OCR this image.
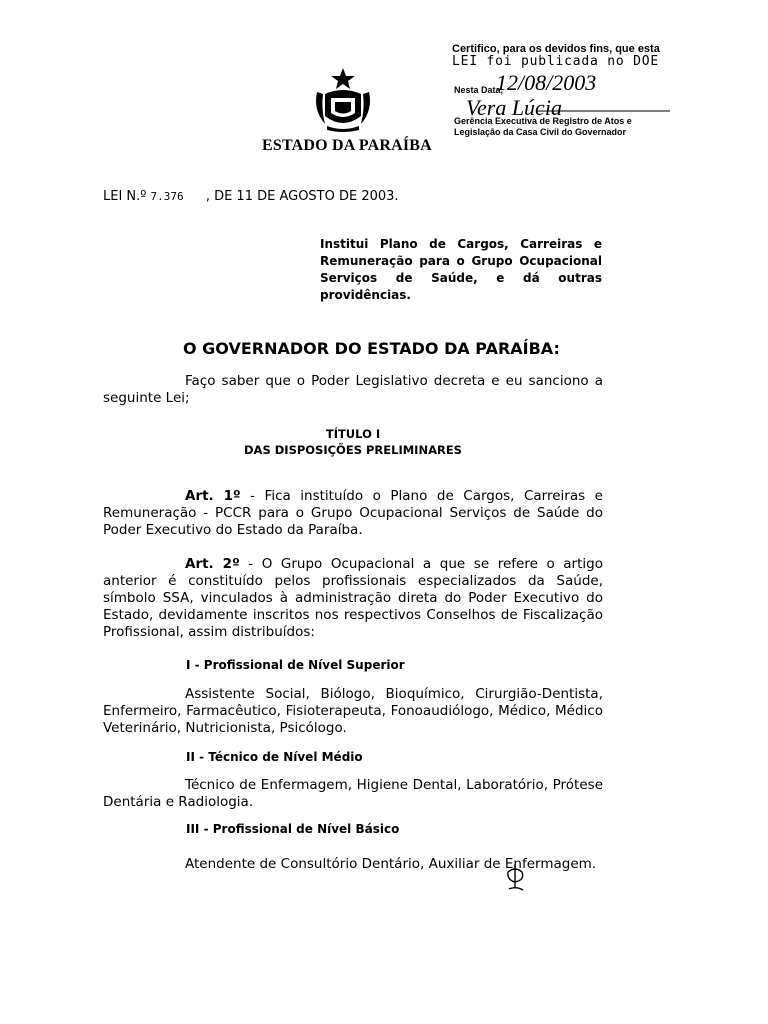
Certifico, para os devidos fins, que esta
LEI foi publicada no DOE
Nesta Data,
12/08/2003
Vera Lúcia
Gerência Executiva de Registro de Atos e
Legislação da Casa Civil do Governador
ESTADO DA PARAÍBA
LEI N.º 7.376 , DE 11 DE AGOSTO DE 2003.

Institui Plano de Cargos, Carreiras e Remuneração para o Grupo Ocupacional Serviços de Saúde, e dá outras providências.

O GOVERNADOR DO ESTADO DA PARAÍBA:

Faço saber que o Poder Legislativo decreta e eu sanciono a seguinte Lei;

TÍTULO I
DAS DISPOSIÇÕES PRELIMINARES

Art. 1º - Fica instituído o Plano de Cargos, Carreiras e Remuneração - PCCR para o Grupo Ocupacional Serviços de Saúde do Poder Executivo do Estado da Paraíba.

Art. 2º - O Grupo Ocupacional a que se refere o artigo anterior é constituído pelos profissionais especializados da Saúde, símbolo SSA, vinculados à administração direta do Poder Executivo do Estado, devidamente inscritos nos respectivos Conselhos de Fiscalização Profissional, assim distribuídos:

I - Profissional de Nível Superior

Assistente Social, Biólogo, Bioquímico, Cirurgião-Dentista, Enfermeiro, Farmacêutico, Fisioterapeuta, Fonoaudiólogo, Médico, Médico Veterinário, Nutricionista, Psicólogo.

II - Técnico de Nível Médio

Técnico de Enfermagem, Higiene Dental, Laboratório, Prótese Dentária e Radiologia.

III - Profissional de Nível Básico

Atendente de Consultório Dentário, Auxiliar de Enfermagem.
